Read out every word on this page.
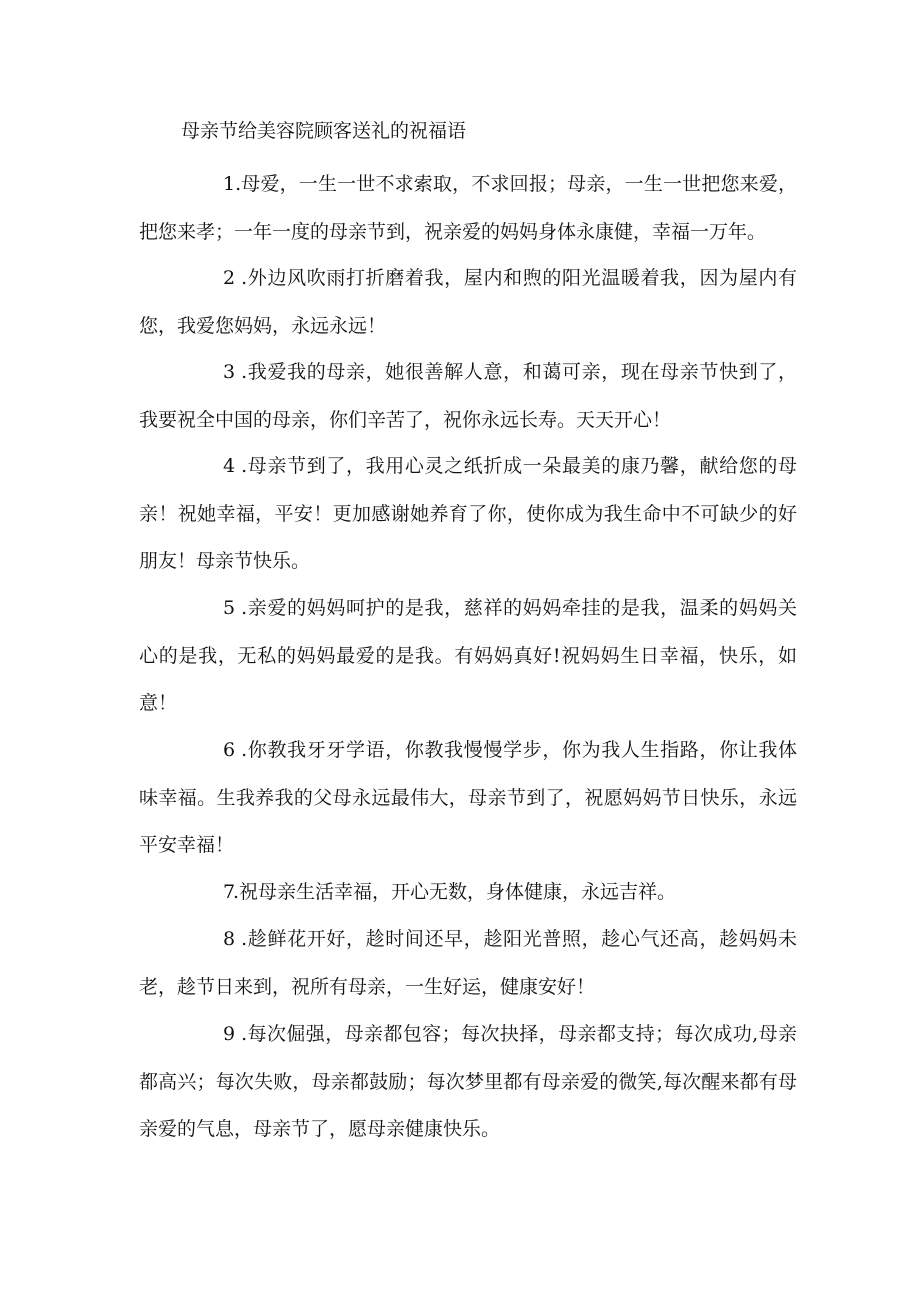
母亲节给美容院顾客送礼的祝福语

1.母爱，一生一世不求索取，不求回报；母亲，一生一世把您来爱，把您来孝；一年一度的母亲节到，祝亲爱的妈妈身体永康健，幸福一万年。

2 .外边风吹雨打折磨着我，屋内和煦的阳光温暖着我，因为屋内有您，我爱您妈妈，永远永远！

3 .我爱我的母亲，她很善解人意，和蔼可亲，现在母亲节快到了，我要祝全中国的母亲，你们辛苦了，祝你永远长寿。天天开心！

4 .母亲节到了，我用心灵之纸折成一朵最美的康乃馨，献给您的母亲！祝她幸福，平安！更加感谢她养育了你，使你成为我生命中不可缺少的好朋友！母亲节快乐。

5 .亲爱的妈妈呵护的是我，慈祥的妈妈牵挂的是我，温柔的妈妈关心的是我，无私的妈妈最爱的是我。有妈妈真好!祝妈妈生日幸福，快乐，如意！

6 .你教我牙牙学语，你教我慢慢学步，你为我人生指路，你让我体味幸福。生我养我的父母永远最伟大，母亲节到了，祝愿妈妈节日快乐，永远平安幸福！

7.祝母亲生活幸福，开心无数，身体健康，永远吉祥。

8 .趁鲜花开好，趁时间还早，趁阳光普照，趁心气还高，趁妈妈未老，趁节日来到，祝所有母亲，一生好运，健康安好！

9 .每次倔强，母亲都包容；每次抉择，母亲都支持；每次成功,母亲都高兴；每次失败，母亲都鼓励；每次梦里都有母亲爱的微笑,每次醒来都有母亲爱的气息，母亲节了，愿母亲健康快乐。
